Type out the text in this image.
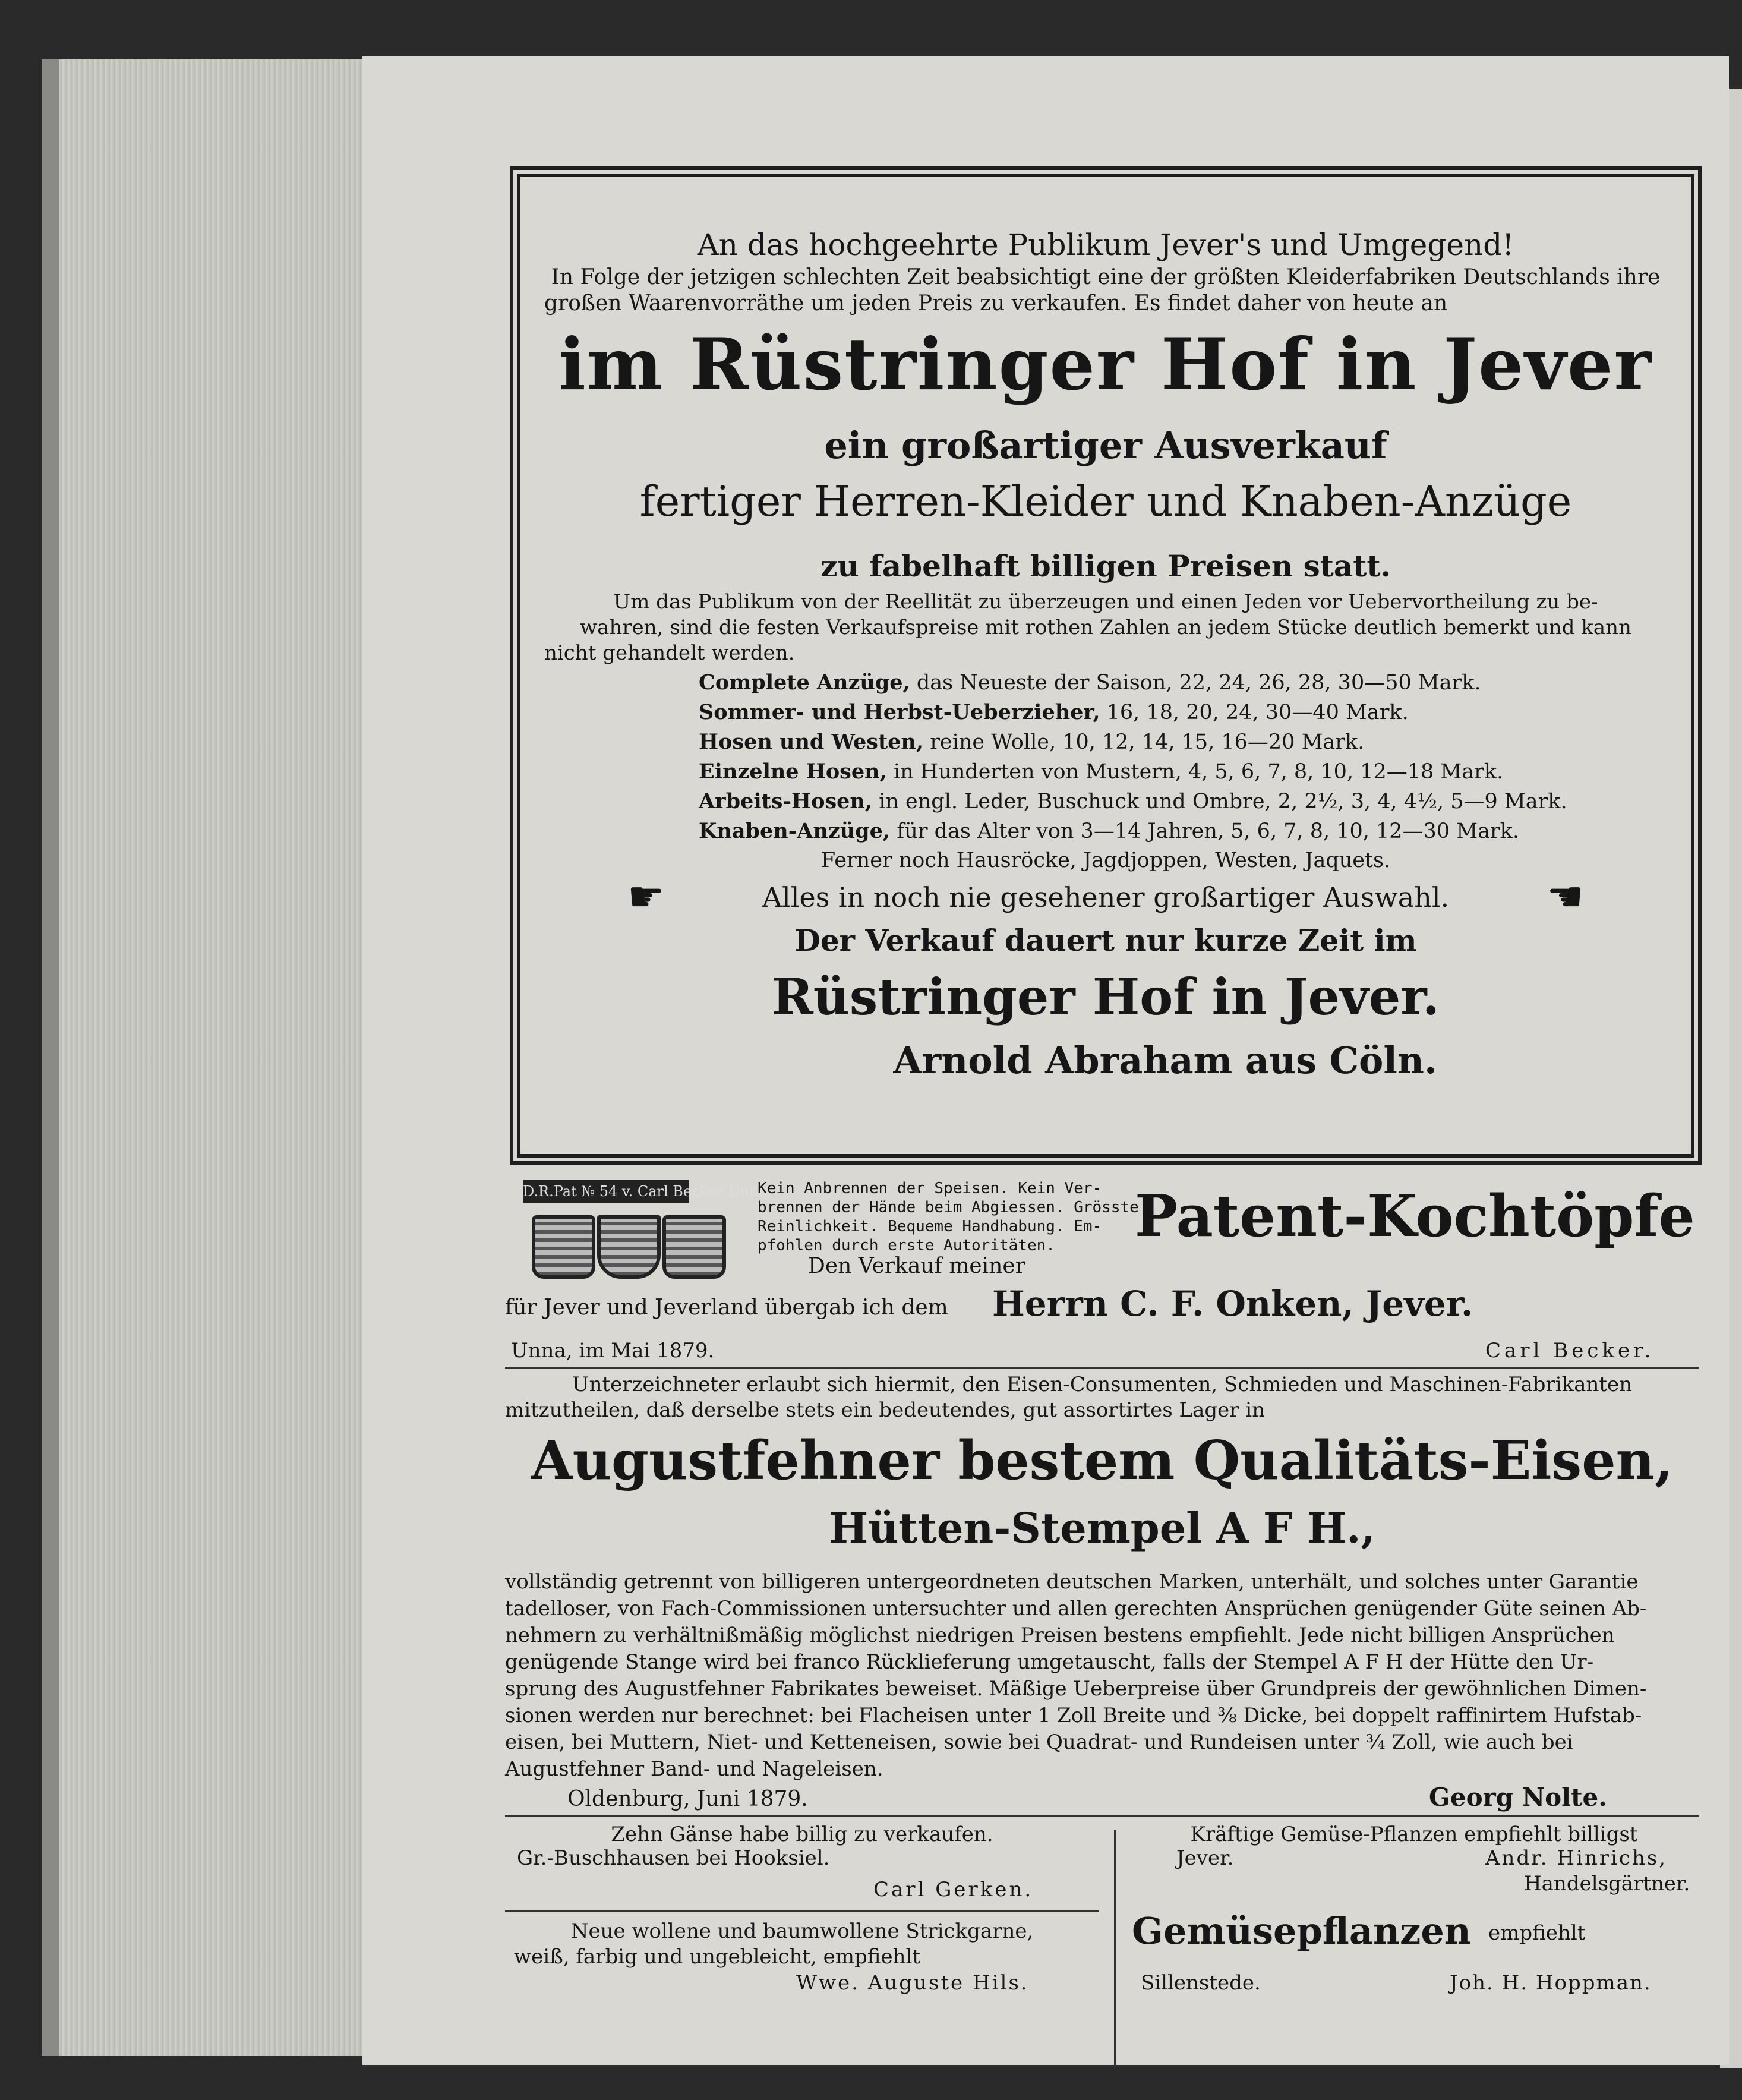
An das hochgeehrte Publikum Jever's und Umgegend!
In Folge der jetzigen schlechten Zeit beabsichtigt eine der größten Kleiderfabriken Deutschlands ihre
großen Waarenvorräthe um jeden Preis zu verkaufen. Es findet daher von heute an
im Rüstringer Hof in Jever
ein großartiger Ausverkauf
fertiger Herren-Kleider und Knaben-Anzüge
zu fabelhaft billigen Preisen statt.
Um das Publikum von der Reellität zu überzeugen und einen Jeden vor Uebervortheilung zu be-
wahren, sind die festen Verkaufspreise mit rothen Zahlen an jedem Stücke deutlich bemerkt und kann
nicht gehandelt werden.
Complete Anzüge, das Neueste der Saison, 22, 24, 26, 28, 30—50 Mark.
Sommer- und Herbst-Ueberzieher, 16, 18, 20, 24, 30—40 Mark.
Hosen und Westen, reine Wolle, 10, 12, 14, 15, 16—20 Mark.
Einzelne Hosen, in Hunderten von Mustern, 4, 5, 6, 7, 8, 10, 12—18 Mark.
Arbeits-Hosen, in engl. Leder, Buschuck und Ombre, 2, 2½, 3, 4, 4½, 5—9 Mark.
Knaben-Anzüge, für das Alter von 3—14 Jahren, 5, 6, 7, 8, 10, 12—30 Mark.
Ferner noch Hausröcke, Jagdjoppen, Westen, Jaquets.
☛	Alles in noch nie gesehener großartiger Auswahl.	☚
Der Verkauf dauert nur kurze Zeit im
Rüstringer Hof in Jever.
Arnold Abraham aus Cöln.
D.R.Pat № 54 v. Carl Becker Unna.
Kein Anbrennen der Speisen. Kein Ver-
brennen der Hände beim Abgiessen. Grösste
Reinlichkeit. Bequeme Handhabung. Em-
pfohlen durch erste Autoritäten.
Den Verkauf meiner
Patent-Kochtöpfe
für Jever und Jeverland übergab ich dem Herrn C. F. Onken, Jever.
Unna, im Mai 1879.	Carl Becker.
Unterzeichneter erlaubt sich hiermit, den Eisen-Consumenten, Schmieden und Maschinen-Fabrikanten
mitzutheilen, daß derselbe stets ein bedeutendes, gut assortirtes Lager in
Augustfehner bestem Qualitäts-Eisen,
Hütten-Stempel A F H.,
vollständig getrennt von billigeren untergeordneten deutschen Marken, unterhält, und solches unter Garantie
tadelloser, von Fach-Commissionen untersuchter und allen gerechten Ansprüchen genügender Güte seinen Ab-
nehmern zu verhältnißmäßig möglichst niedrigen Preisen bestens empfiehlt. Jede nicht billigen Ansprüchen
genügende Stange wird bei franco Rücklieferung umgetauscht, falls der Stempel A F H der Hütte den Ur-
sprung des Augustfehner Fabrikates beweiset. Mäßige Ueberpreise über Grundpreis der gewöhnlichen Dimen-
sionen werden nur berechnet: bei Flacheisen unter 1 Zoll Breite und ⅜ Dicke, bei doppelt raffinirtem Hufstab-
eisen, bei Muttern, Niet- und Ketteneisen, sowie bei Quadrat- und Rundeisen unter ¾ Zoll, wie auch bei
Augustfehner Band- und Nageleisen.
Oldenburg, Juni 1879.	Georg Nolte.
Zehn Gänse habe billig zu verkaufen.
Gr.-Buschhausen bei Hooksiel.
Carl Gerken.
Neue wollene und baumwollene Strickgarne,
weiß, farbig und ungebleicht, empfiehlt
Wwe. Auguste Hils.
Kräftige Gemüse-Pflanzen empfiehlt billigst
Jever.	Andr. Hinrichs,
Handelsgärtner.
Gemüsepflanzen empfiehlt
Sillenstede.	Joh. H. Hoppman.
